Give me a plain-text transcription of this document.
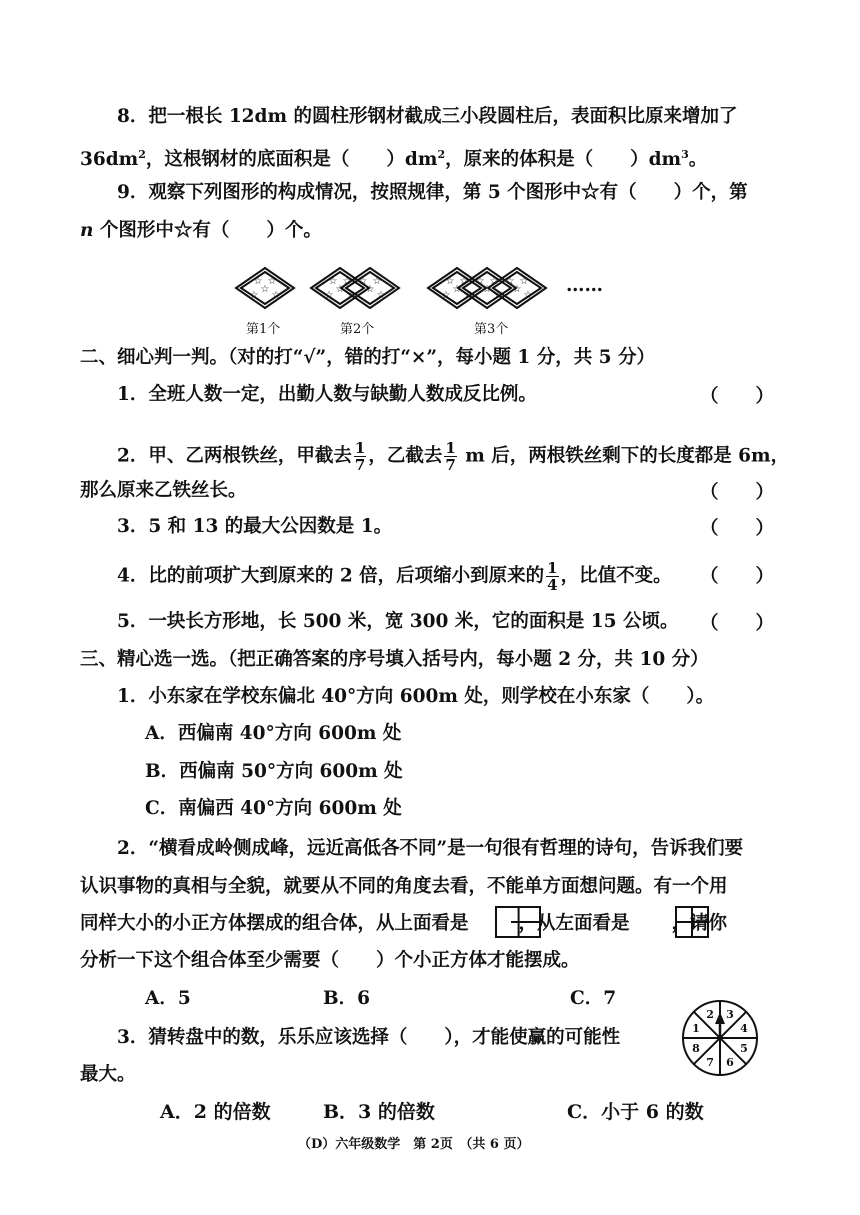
8．把一根长 12dm 的圆柱形钢材截成三小段圆柱后，表面积比原来增加了
$36dm^2$，这根钢材的底面积是（　　）$dm^2$，原来的体积是（　　）$dm^3$。
9．观察下列图形的构成情况，按照规律，第 5 个图形中☆有（　　）个，第
n 个图形中☆有（　　）个。
☆ ☆
☆ ☆
☆
☆ ☆
☆ ☆
☆
☆ ☆
☆
☆
☆ ☆
☆ ☆
☆
☆ ☆
☆
☆
☆ ☆
☆
☆ ……
第1个	第2个	第3个
二、细心判一判。（对的打“√”，错的打“×”，每小题 1 分，共 5 分）
1．全班人数一定，出勤人数与缺勤人数成反比例。	（　　）
2．甲、乙两根铁丝，甲截去 $\frac{1}{7}$ ，乙截去 $\frac{1}{7}$ m 后，两根铁丝剩下的长度都是 6m，
那么原来乙铁丝长。	（　　）
3．5 和 13 的最大公因数是 1。	（　　）
4．比的前项扩大到原来的 2 倍，后项缩小到原来的 $\frac{1}{4}$ ，比值不变。 （　　）
5．一块长方形地，长 500 米，宽 300 米，它的面积是 15 公顷。 （　　）
三、精心选一选。（把正确答案的序号填入括号内，每小题 2 分，共 10 分）
1．小东家在学校东偏北 40°方向 600m 处，则学校在小东家（　　）。
A．西偏南 40°方向 600m 处
B．西偏南 50°方向 600m 处
C．南偏西 40°方向 600m 处
2．“横看成岭侧成峰，远近高低各不同”是一句很有哲理的诗句，告诉我们要
认识事物的真相与全貌，就要从不同的角度去看，不能单方面想问题。有一个用
同样大小的小正方体摆成的组合体，从上面看是	，从左面看是 ，请你
分析一下这个组合体至少需要（　　）个小正方体才能摆成。
A．5	B．6	C．7
3．猜转盘中的数，乐乐应该选择（　　），才能使赢的可能性
最大。
2 3
4
5
6
7
8
1
A．2 的倍数	B．3 的倍数	C．小于 6 的数
（D）六年级数学　第 2页　（共 6 页）
